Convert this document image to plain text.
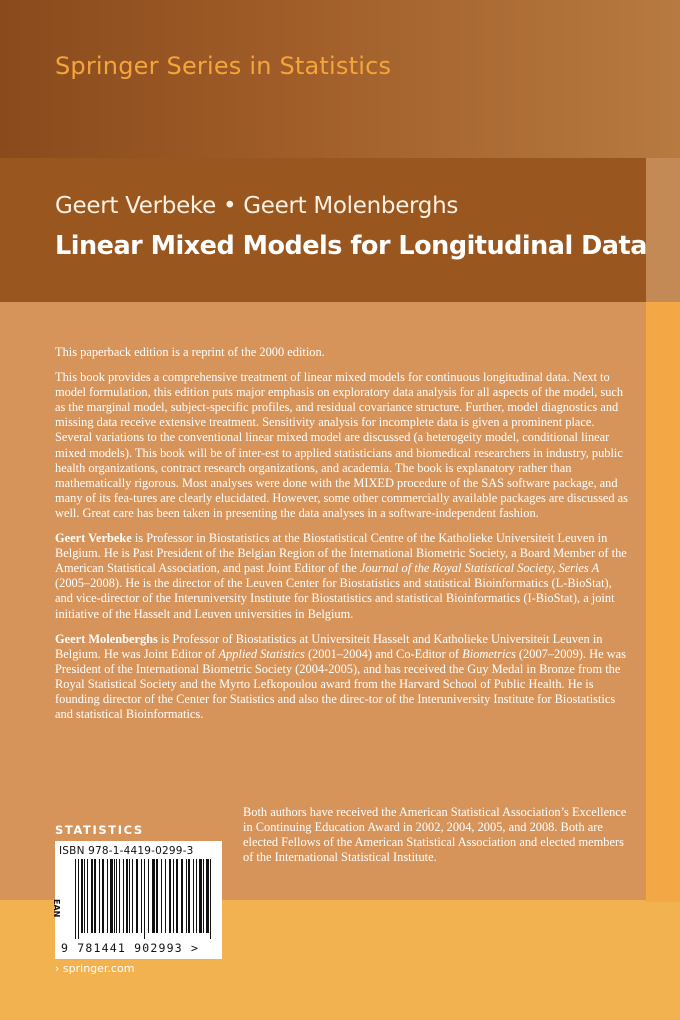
Springer Series in Statistics

Geert Verbeke • Geert Molenberghs

Linear Mixed Models for Longitudinal Data

This paperback edition is a reprint of the 2000 edition.

This book provides a comprehensive treatment of linear mixed models for continuous longitudinal data. Next to model formulation, this edition puts major emphasis on exploratory data analysis for all aspects of the model, such as the marginal model, subject-specific profiles, and residual covariance structure. Further, model diagnostics and missing data receive extensive treatment. Sensitivity analysis for incomplete data is given a prominent place. Several variations to the conventional linear mixed model are discussed (a heterogeity model, conditional linear mixed models). This book will be of inter-est to applied statisticians and biomedical researchers in industry, public health organizations, contract research organizations, and academia. The book is explanatory rather than mathematically rigorous. Most analyses were done with the MIXED procedure of the SAS software package, and many of its fea-tures are clearly elucidated. However, some other commercially available packages are discussed as well. Great care has been taken in presenting the data analyses in a software-independent fashion.

Geert Verbeke is Professor in Biostatistics at the Biostatistical Centre of the Katholieke Universiteit Leuven in Belgium. He is Past President of the Belgian Region of the International Biometric Society, a Board Member of the American Statistical Association, and past Joint Editor of the Journal of the Royal Statistical Society, Series A (2005–2008). He is the director of the Leuven Center for Biostatistics and statistical Bioinformatics (L-BioStat), and vice-director of the Interuniversity Institute for Biostatistics and statistical Bioinformatics (I-BioStat), a joint initiative of the Hasselt and Leuven universities in Belgium.

Geert Molenberghs is Professor of Biostatistics at Universiteit Hasselt and Katholieke Universiteit Leuven in Belgium. He was Joint Editor of Applied Statistics (2001–2004) and Co-Editor of Biometrics (2007–2009). He was President of the International Biometric Society (2004-2005), and has received the Guy Medal in Bronze from the Royal Statistical Society and the Myrto Lefkopoulou award from the Harvard School of Public Health. He is founding director of the Center for Statistics and also the direc-tor of the Interuniversity Institute for Biostatistics and statistical Bioinformatics.

Both authors have received the American Statistical Association’s Excellence in Continuing Education Award in 2002, 2004, 2005, and 2008. Both are elected Fellows of the American Statistical Association and elected members of the International Statistical Institute.

STATISTICS

ISBN 978-1-4419-0299-3

EAN

9 781441 902993 >

› springer.com
